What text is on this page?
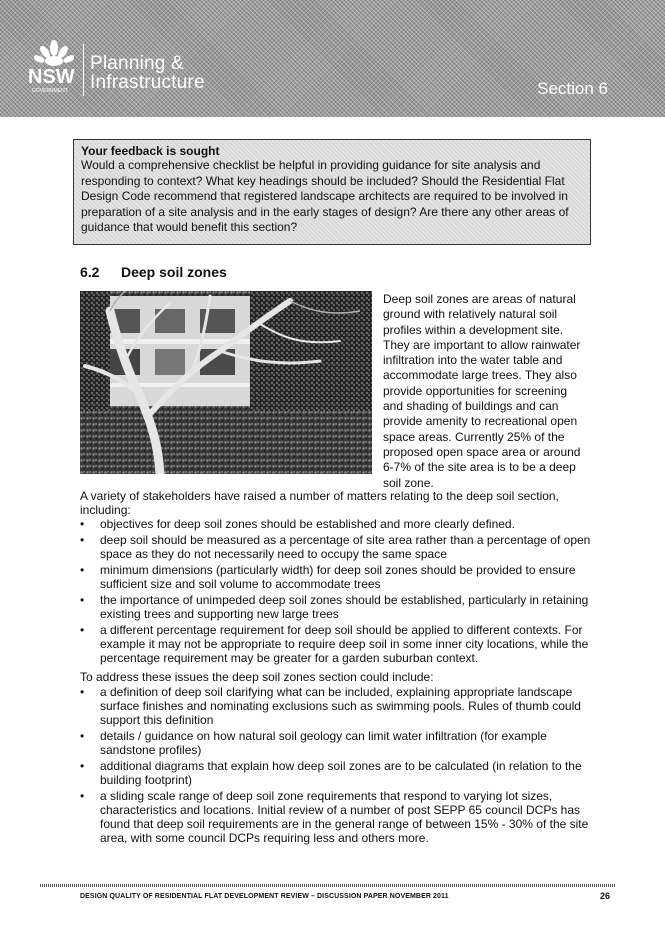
NSW
GOVERNMENT
Planning &
Infrastructure	Section 6
Your feedback is sought
Would a comprehensive checklist be helpful in providing guidance for site analysis and responding to context? What key headings should be included? Should the Residential Flat Design Code recommend that registered landscape architects are required to be involved in preparation of a site analysis and in the early stages of design? Are there any other areas of guidance that would benefit this section?
6.2 Deep soil zones
Deep soil zones are areas of natural ground with relatively natural soil profiles within a development site. They are important to allow rainwater infiltration into the water table and accommodate large trees. They also provide opportunities for screening and shading of buildings and can provide amenity to recreational open space areas. Currently 25% of the proposed open space area or around 6-7% of the site area is to be a deep soil zone.
A variety of stakeholders have raised a number of matters relating to the deep soil section, including:
• objectives for deep soil zones should be established and more clearly defined.
• deep soil should be measured as a percentage of site area rather than a percentage of open space as they do not necessarily need to occupy the same space
• minimum dimensions (particularly width) for deep soil zones should be provided to ensure sufficient size and soil volume to accommodate trees
• the importance of unimpeded deep soil zones should be established, particularly in retaining existing trees and supporting new large trees
• a different percentage requirement for deep soil should be applied to different contexts. For example it may not be appropriate to require deep soil in some inner city locations, while the percentage requirement may be greater for a garden suburban context.
To address these issues the deep soil zones section could include:
• a definition of deep soil clarifying what can be included, explaining appropriate landscape surface finishes and nominating exclusions such as swimming pools. Rules of thumb could support this definition
• details / guidance on how natural soil geology can limit water infiltration (for example sandstone profiles)
• additional diagrams that explain how deep soil zones are to be calculated (in relation to the building footprint)
• a sliding scale range of deep soil zone requirements that respond to varying lot sizes, characteristics and locations. Initial review of a number of post SEPP 65 council DCPs has found that deep soil requirements are in the general range of between 15% - 30% of the site area, with some council DCPs requiring less and others more.
DESIGN QUALITY OF RESIDENTIAL FLAT DEVELOPMENT REVIEW – DISCUSSION PAPER NOVEMBER 2011	26
